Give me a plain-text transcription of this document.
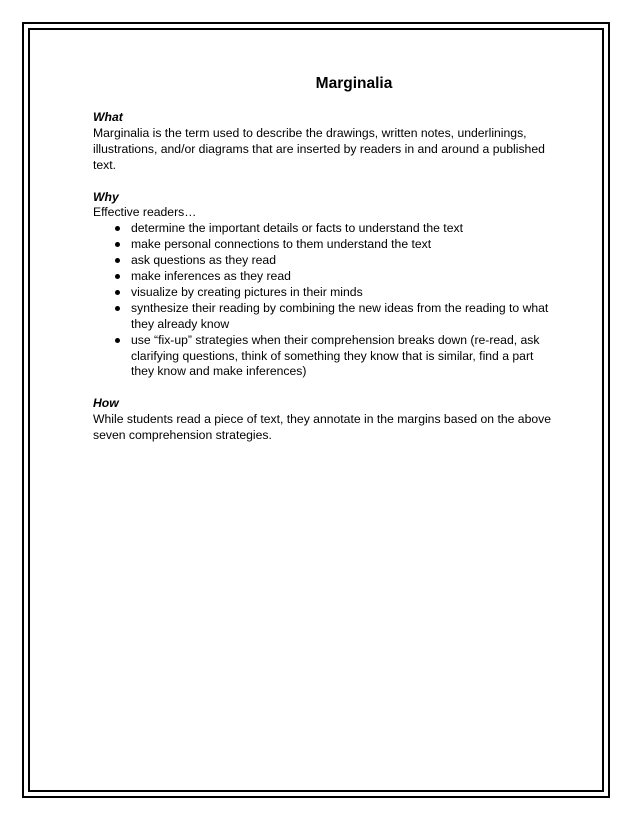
Marginalia

What

Marginalia is the term used to describe the drawings, written notes, underlinings, illustrations, and/or diagrams that are inserted by readers in and around a published text.

Why

Effective readers…

determine the important details or facts to understand the text
make personal connections to them understand the text
ask questions as they read
make inferences as they read
visualize by creating pictures in their minds
synthesize their reading by combining the new ideas from the reading to what they already know
use “fix-up” strategies when their comprehension breaks down (re-read, ask clarifying questions, think of something they know that is similar, find a part they know and make inferences)

How

While students read a piece of text, they annotate in the margins based on the above seven comprehension strategies.
